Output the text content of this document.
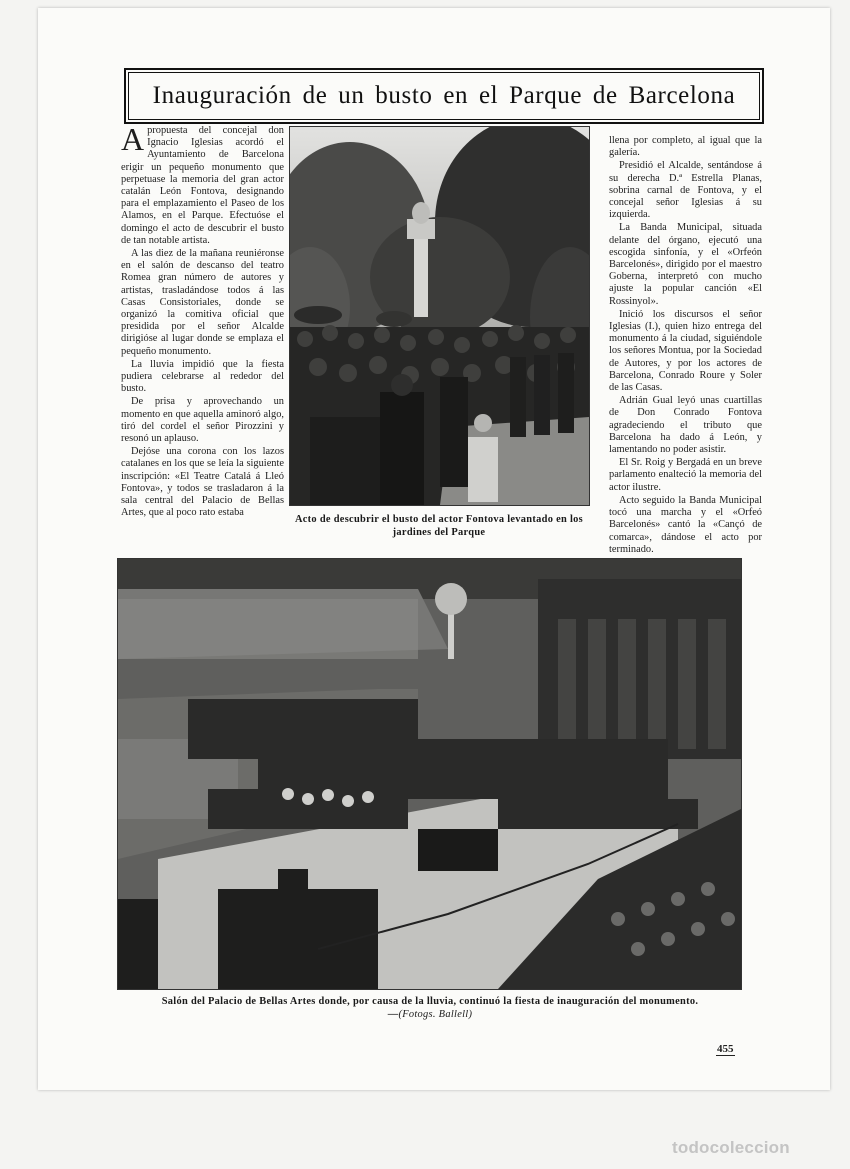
Inauguración de un busto en el Parque de Barcelona

Apropuesta del concejal don Ignacio Iglesias acordó el Ayuntamiento de Barcelona erigir un pequeño monumento que perpetuase la memoria del gran actor catalán León Fontova, designando para el emplazamiento el Paseo de los Alamos, en el Parque. Efectuóse el domingo el acto de descubrir el busto de tan notable artista.

A las diez de la mañana reuniéronse en el salón de descanso del teatro Romea gran número de autores y artistas, trasladándose todos á las Casas Consistoriales, donde se organizó la comitiva oficial que presidida por el señor Alcalde dirigióse al lugar donde se emplaza el pequeño monumento.

La lluvia impidió que la fiesta pudiera celebrarse al rededor del busto.

De prisa y aprovechando un momento en que aquella aminoró algo, tiró del cordel el señor Pirozzini y resonó un aplauso.

Dejóse una corona con los lazos catalanes en los que se leía la siguiente inscripción: «El Teatre Catalá á Lleó Fontova», y todos se trasladaron á la sala central del Palacio de Bellas Artes, que al poco rato estaba

Acto de descubrir el busto del actor Fontova levantado en los jardines del Parque

llena por completo, al igual que la galería.

Presidió el Alcalde, sentándose á su derecha D.ª Estrella Planas, sobrina carnal de Fontova, y el concejal señor Iglesias á su izquierda.

La Banda Municipal, situada delante del órgano, ejecutó una escogida sinfonía, y el «Orfeón Barcelonés», dirigido por el maestro Goberna, interpretó con mucho ajuste la popular canción «El Rossinyol».

Inició los discursos el señor Iglesias (I.), quien hizo entrega del monumento á la ciudad, siguiéndole los señores Montua, por la Sociedad de Autores, y por los actores de Barcelona, Conrado Roure y Soler de las Casas.

Adrián Gual leyó unas cuartillas de Don Conrado Fontova agradeciendo el tributo que Barcelona ha dado á León, y lamentando no poder asistir.

El Sr. Roig y Bergadá en un breve parlamento enalteció la memoria del actor ilustre.

Acto seguido la Banda Municipal tocó una marcha y el «Orfeó Barcelonés» cantó la «Cançó de comarca», dándose el acto por terminado.

Salón del Palacio de Bellas Artes donde, por causa de la lluvia, continuó la fiesta de inauguración del monumento.—(Fotogs. Ballell)
455
todocoleccion
